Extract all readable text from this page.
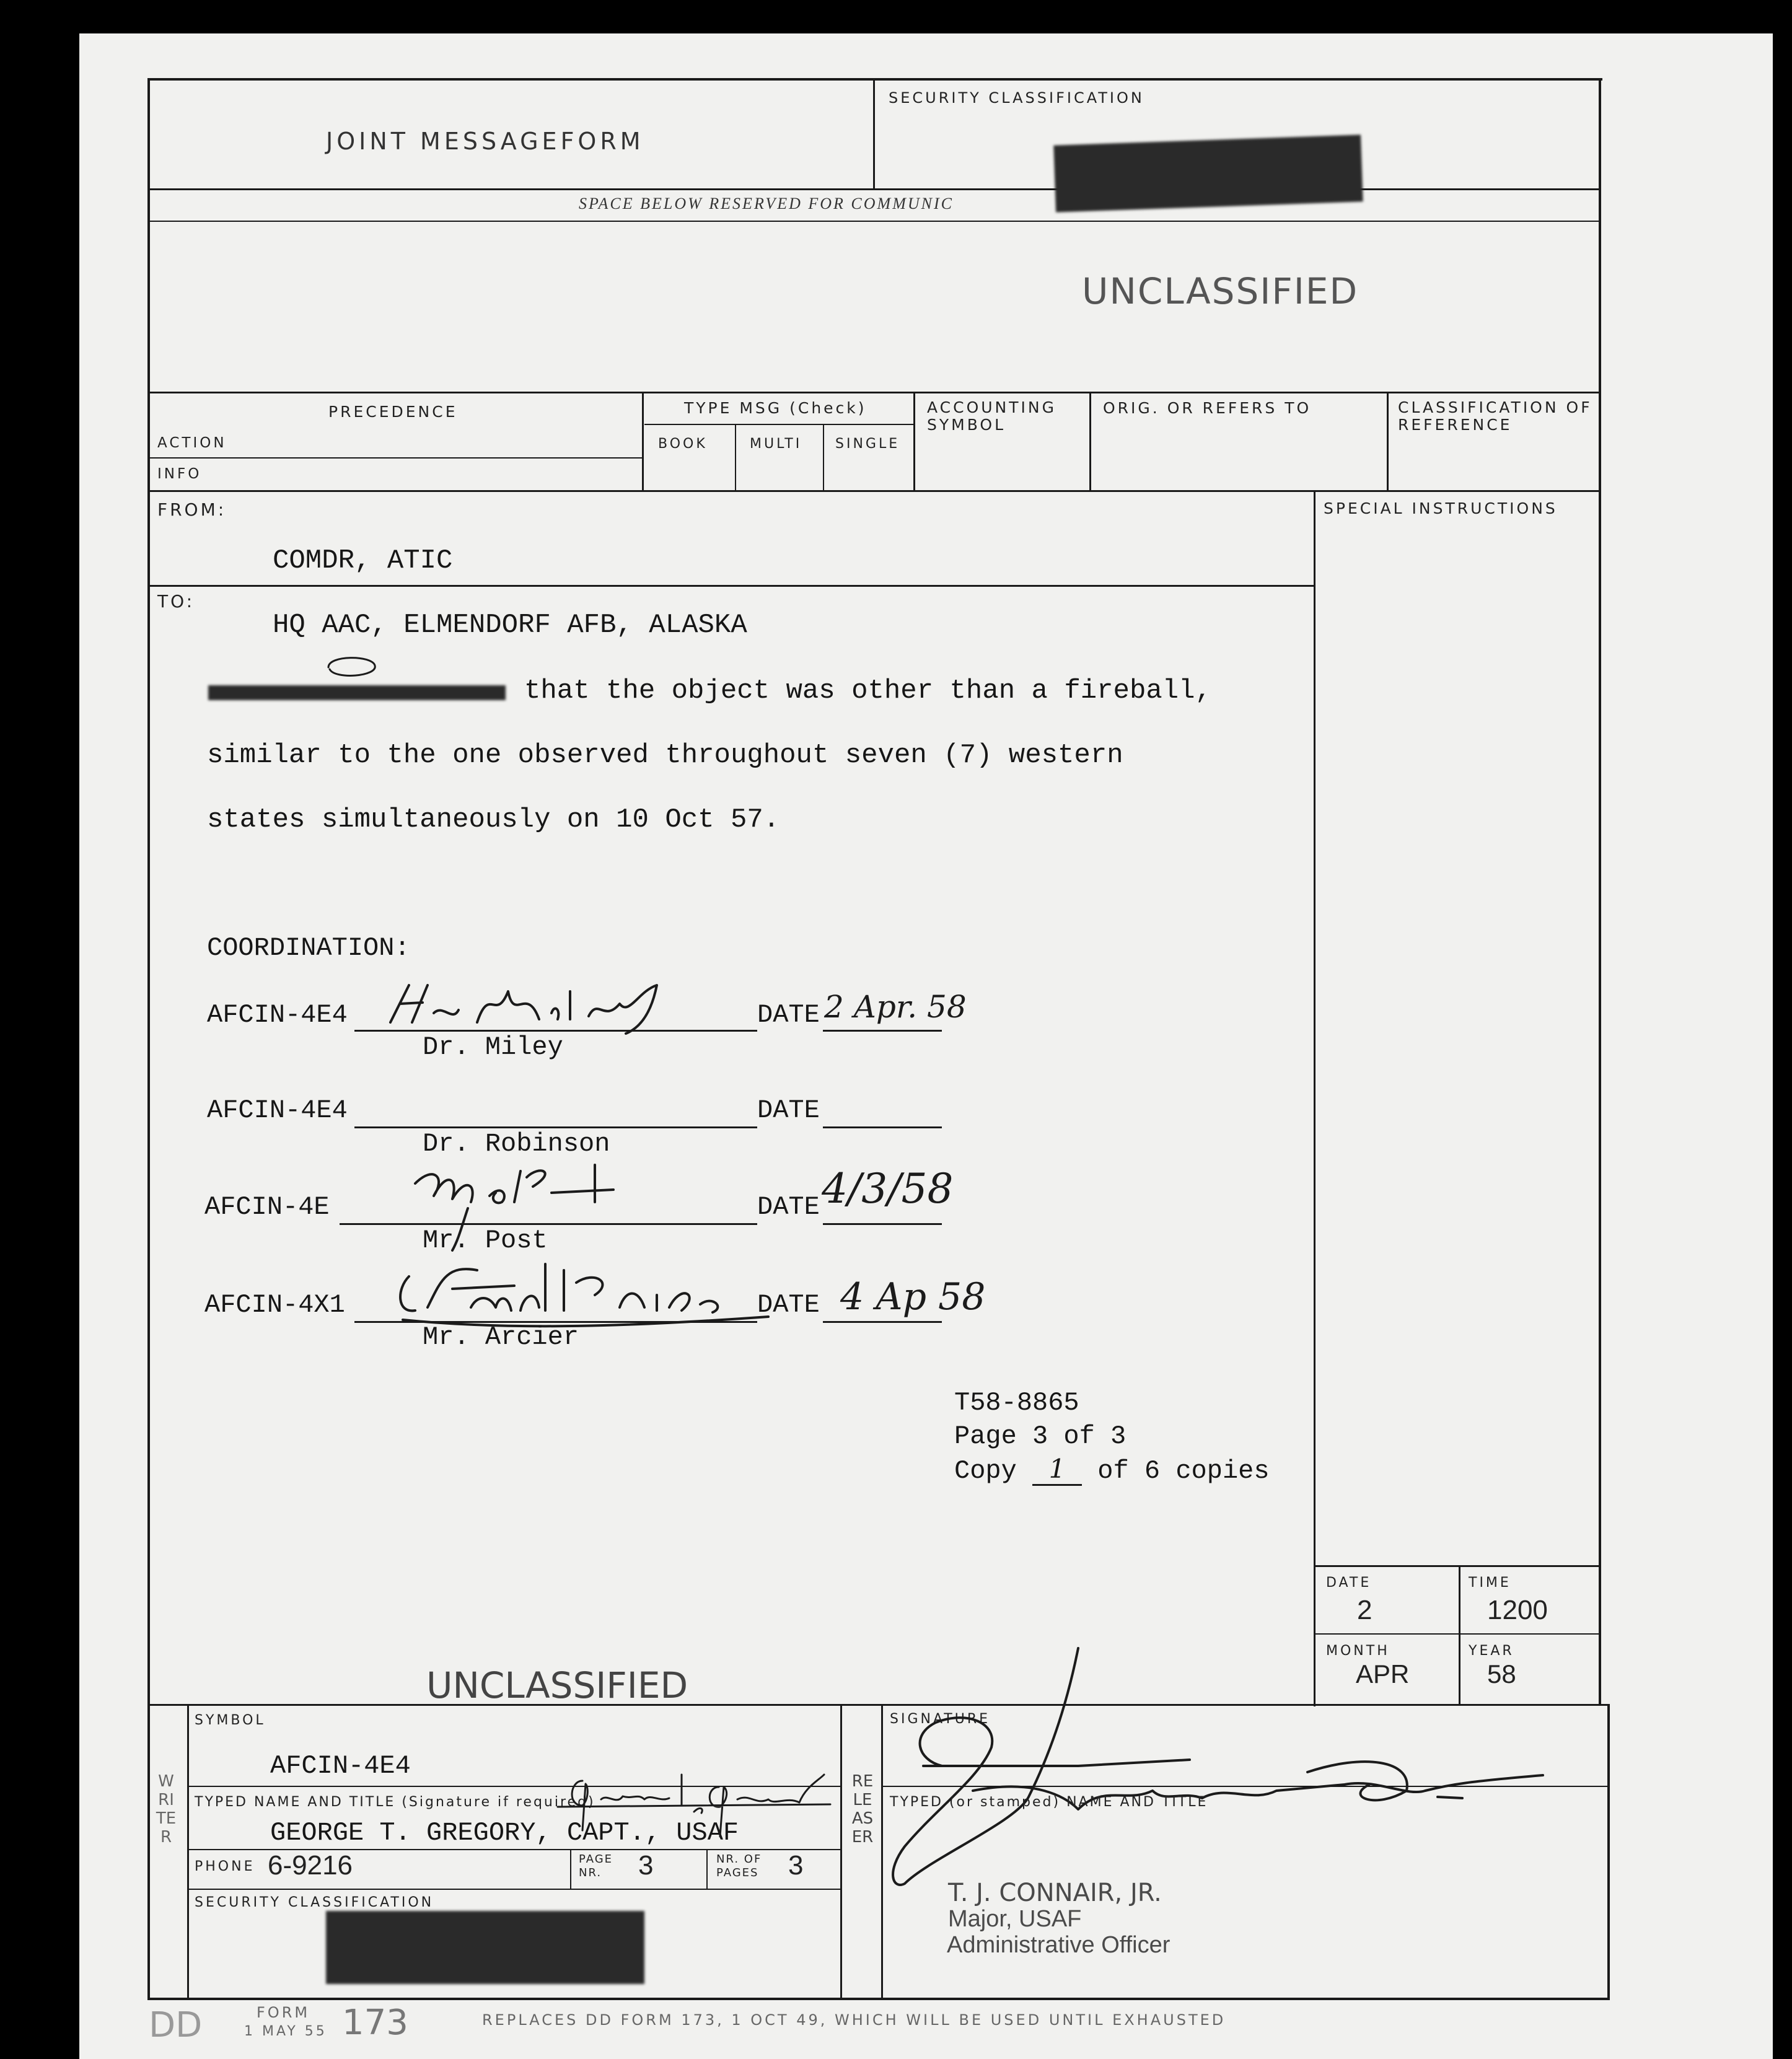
JOINT MESSAGEFORM
SECURITY CLASSIFICATION
SPACE BELOW RESERVED FOR COMMUNIC
UNCLASSIFIED
PRECEDENCE
ACTION
INFO
TYPE MSG (Check)
BOOK	MULTI SINGLE
ACCOUNTING SYMBOL
ORIG. OR REFERS TO	CLASSIFICATION OF REFERENCE
FROM:
COMDR, ATIC
TO:
HQ AAC, ELMENDORF AFB, ALASKA
SPECIAL INSTRUCTIONS
that the object was other than a fireball,
similar to the one observed throughout seven (7) western
states simultaneously on 10 Oct 57.
COORDINATION:
AFCIN-4E4	DATE 2 Apr. 58
Dr. Miley
AFCIN-4E4	DATE
Dr. Robinson
AFCIN-4E	DATE 4/3/58
Mr. Post
AFCIN-4X1	DATE 4 Ap 58
Mr. Arcier
T58-8865
Page 3 of 3
Copy 1 of 6 copies
DATE
2
TIME
1200
MONTH
APR
YEAR
58
UNCLASSIFIED
WRITER
SYMBOL
AFCIN-4E4
TYPED NAME AND TITLE (Signature if required)
GEORGE T. GREGORY, CAPT., USAF
PHONE 6-9216	PAGE NR.	3	NR. OF PAGES	3
SECURITY CLASSIFICATION
RELEASER
SIGNATURE
TYPED (or stamped) NAME AND TITLE
T. J. CONNAIR, JR.
Major, USAF
Administrative Officer
DD	FORM
1 MAY 55 173	REPLACES DD FORM 173, 1 OCT 49, WHICH WILL BE USED UNTIL EXHAUSTED
